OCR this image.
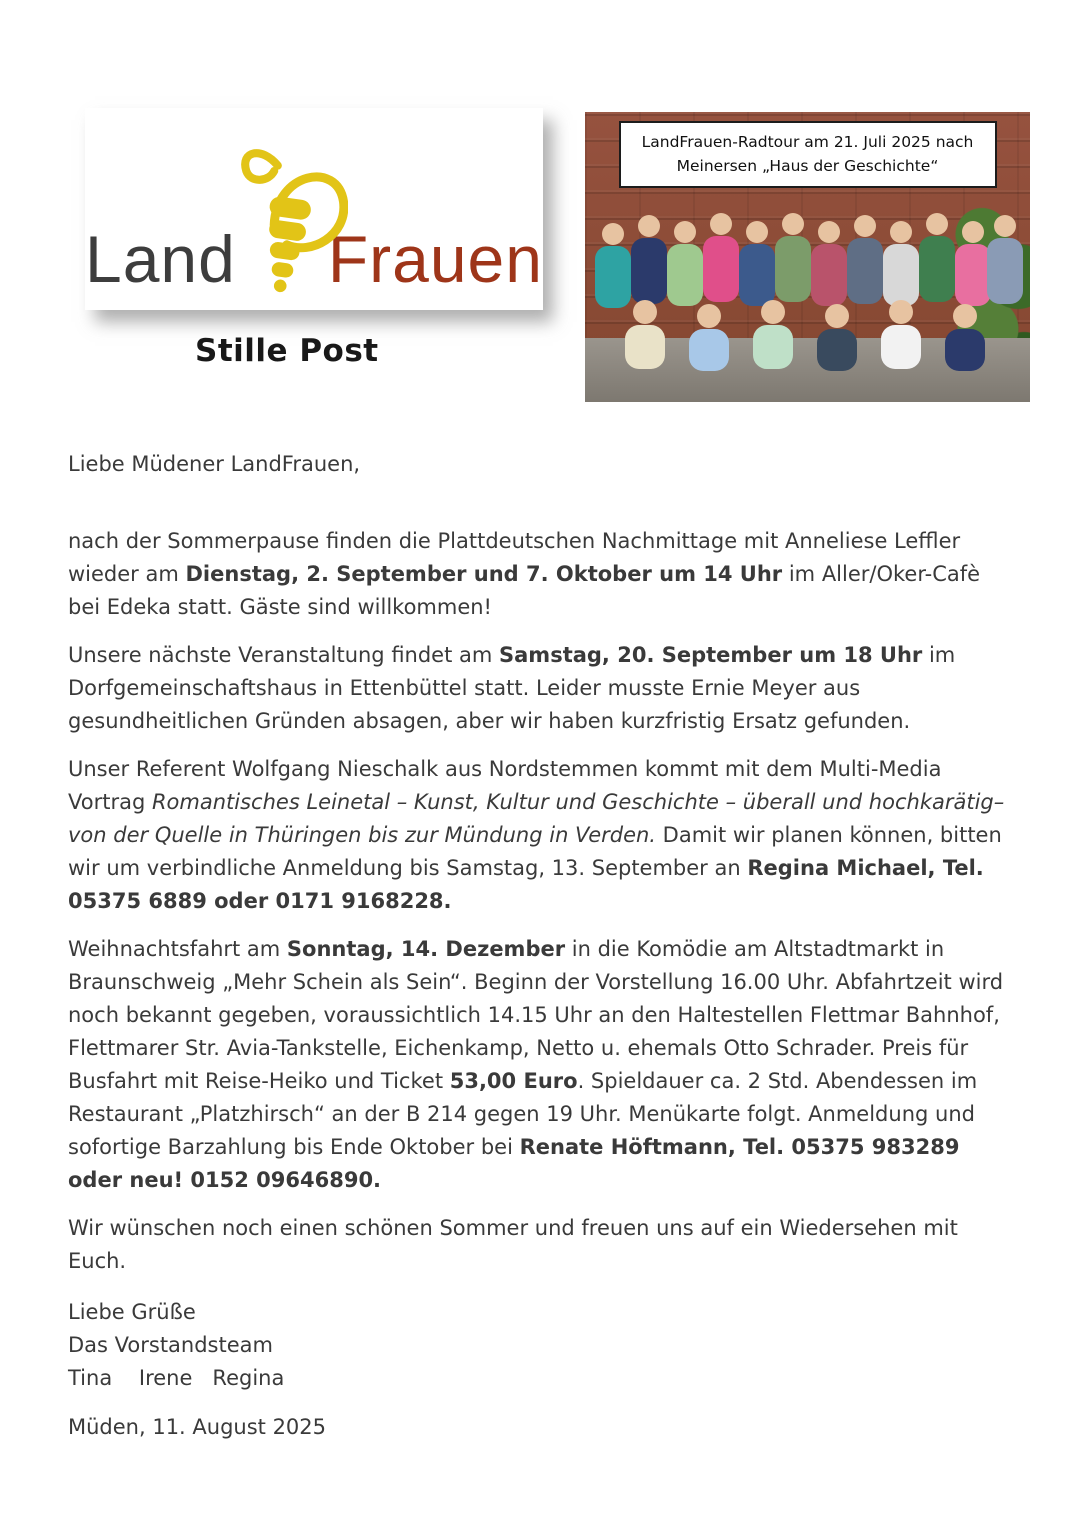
Land Frauen
Stille Post
LandFrauen-Radtour am 21. Juli 2025 nach
Meinersen „Haus der Geschichte“
Liebe Müdener LandFrauen,

nach der Sommerpause finden die Plattdeutschen Nachmittage mit Anneliese Leffler wieder am Dienstag, 2. September und 7. Oktober um 14 Uhr im Aller/Oker-Cafè bei Edeka statt. Gäste sind willkommen!

Unsere nächste Veranstaltung findet am Samstag, 20. September um 18 Uhr im Dorfgemeinschaftshaus in Ettenbüttel statt. Leider musste Ernie Meyer aus gesundheitlichen Gründen absagen, aber wir haben kurzfristig Ersatz gefunden.

Unser Referent Wolfgang Nieschalk aus Nordstemmen kommt mit dem Multi-Media Vortrag Romantisches Leinetal – Kunst, Kultur und Geschichte – überall und hochkarätig– von der Quelle in Thüringen bis zur Mündung in Verden. Damit wir planen können, bitten wir um verbindliche Anmeldung bis Samstag, 13. September an Regina Michael, Tel. 05375 6889 oder 0171 9168228.

Weihnachtsfahrt am Sonntag, 14. Dezember in die Komödie am Altstadtmarkt in Braunschweig „Mehr Schein als Sein“. Beginn der Vorstellung 16.00 Uhr. Abfahrtzeit wird noch bekannt gegeben, voraussichtlich 14.15 Uhr an den Haltestellen Flettmar Bahnhof, Flettmarer Str. Avia-Tankstelle, Eichenkamp, Netto u. ehemals Otto Schrader. Preis für Busfahrt mit Reise-Heiko und Ticket 53,00 Euro. Spieldauer ca. 2 Std. Abendessen im Restaurant „Platzhirsch“ an der B 214 gegen 19 Uhr. Menükarte folgt. Anmeldung und sofortige Barzahlung bis Ende Oktober bei Renate Höftmann, Tel. 05375 983289 oder neu! 0152 09646890.

Wir wünschen noch einen schönen Sommer und freuen uns auf ein Wiedersehen mit Euch.

Liebe Grüße
Das Vorstandsteam
Tina    Irene   Regina
Müden, 11. August 2025
